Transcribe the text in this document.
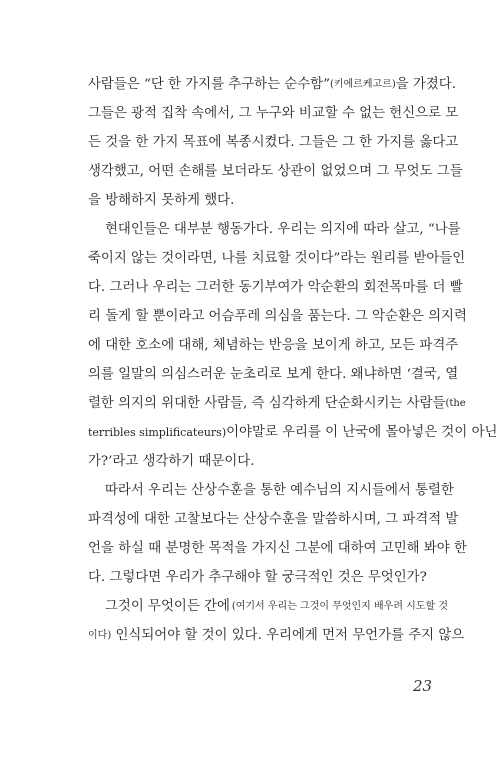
사람들은 “단 한 가지를 추구하는 순수함” (키에르케고르) 을 가졌다.
그들은 광적 집착 속에서, 그 누구와 비교할 수 없는 헌신으로 모
든 것을 한 가지 목표에 복종시켰다. 그들은 그 한 가지를 옳다고
생각했고, 어떤 손해를 보더라도 상관이 없었으며 그 무엇도 그들
을 방해하지 못하게 했다.
현대인들은 대부분 행동가다. 우리는 의지에 따라 살고, “나를
죽이지 않는 것이라면, 나를 치료할 것이다”라는 원리를 받아들인
다. 그러나 우리는 그러한 동기부여가 악순환의 회전목마를 더 빨
리 돌게 할 뿐이라고 어슴푸레 의심을 품는다. 그 악순환은 의지력
에 대한 호소에 대해, 체념하는 반응을 보이게 하고, 모든 파격주
의를 일말의 의심스러운 눈초리로 보게 한다. 왜냐하면 ‘결국, 열
렬한 의지의 위대한 사람들, 즉 심각하게 단순화시키는 사람들 (the
terribles simplificateurs) 이야말로 우리를 이 난국에 몰아넣은 것이 아닌
가?’라고 생각하기 때문이다.
따라서 우리는 산상수훈을 통한 예수님의 지시들에서 통렬한
파격성에 대한 고찰보다는 산상수훈을 말씀하시며, 그 파격적 발
언을 하실 때 분명한 목적을 가지신 그분에 대하여 고민해 봐야 한
다. 그렇다면 우리가 추구해야 할 궁극적인 것은 무엇인가?
그것이 무엇이든 간에 (여기서 우리는 그것이 무엇인지 배우려 시도할 것
이다) 인식되어야 할 것이 있다. 우리에게 먼저 무언가를 주지 않으
23
